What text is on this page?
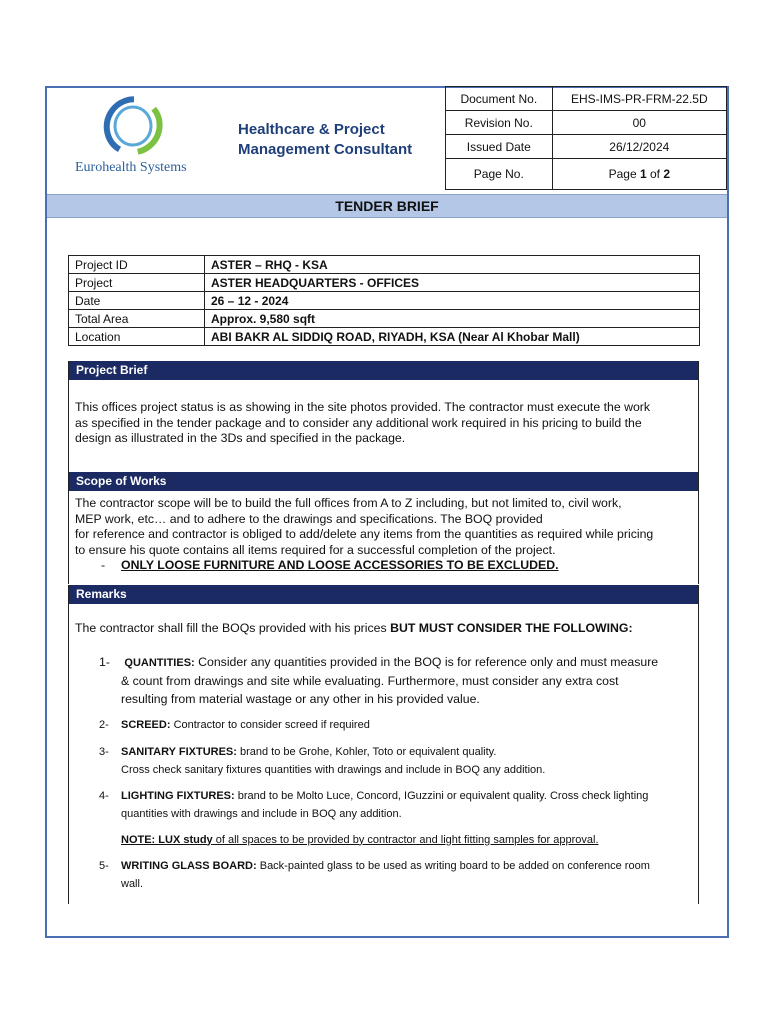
Eurohealth Systems
Healthcare & Project
Management Consultant
Document No.	EHS-IMS-PR-FRM-22.5D
Revision No.	00
Issued Date	26/12/2024
Page No.	Page 1 of 2
TENDER BRIEF
Project ID	ASTER – RHQ - KSA
Project	ASTER HEADQUARTERS - OFFICES
Date	26 – 12 - 2024
Total Area	Approx. 9,580 sqft
Location	ABI BAKR AL SIDDIQ ROAD, RIYADH, KSA (Near Al Khobar Mall)
Project Brief
This offices project status is as showing in the site photos provided. The contractor must execute the work
as specified in the tender package and to consider any additional work required in his pricing to build the
design as illustrated in the 3Ds and specified in the package.
Scope of Works
The contractor scope will be to build the full offices from A to Z including, but not limited to, civil work,
MEP work, etc… and to adhere to the drawings and specifications. The BOQ provided
for reference and contractor is obliged to add/delete any items from the quantities as required while pricing
to ensure his quote contains all items required for a successful completion of the project.
- ONLY LOOSE FURNITURE AND LOOSE ACCESSORIES TO BE EXCLUDED.
Remarks
The contractor shall fill the BOQs provided with his prices BUT MUST CONSIDER THE FOLLOWING:
1-	QUANTITIES: Consider any quantities provided in the BOQ is for reference only and must measure
& count from drawings and site while evaluating. Furthermore, must consider any extra cost
resulting from material wastage or any other in his provided value.
2- SCREED: Contractor to consider screed if required
3- SANITARY FIXTURES: brand to be Grohe, Kohler, Toto or equivalent quality.
Cross check sanitary fixtures quantities with drawings and include in BOQ any addition.
4- LIGHTING FIXTURES: brand to be Molto Luce, Concord, IGuzzini or equivalent quality. Cross check lighting
quantities with drawings and include in BOQ any addition.
NOTE: LUX study of all spaces to be provided by contractor and light fitting samples for approval.
5- WRITING GLASS BOARD: Back-painted glass to be used as writing board to be added on conference room
wall.
